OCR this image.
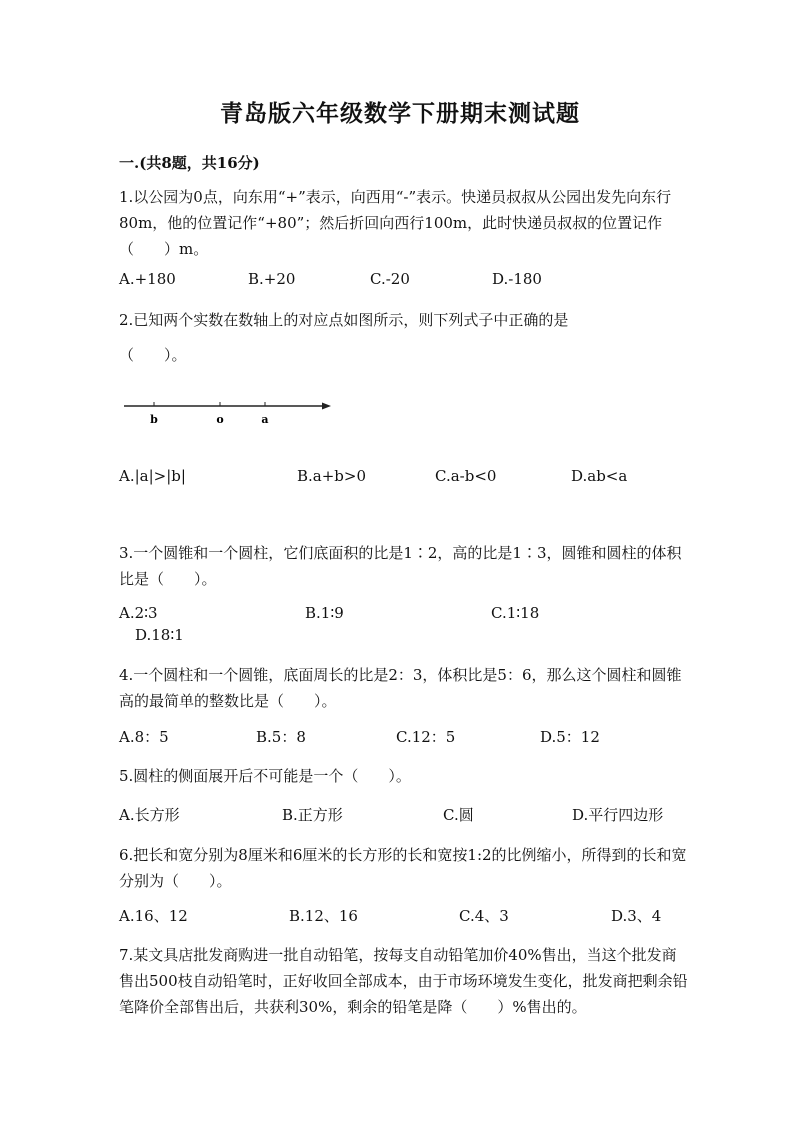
青岛版六年级数学下册期末测试题
一.(共8题，共16分)
1.以公园为0点，向东用“+”表示，向西用“-”表示。快递员叔叔从公园出发先向东行80m，他的位置记作“+80”；然后折回向西行100m，此时快递员叔叔的位置记作（　　）m。
A.+180	B.+20	C.-20	D.-180
2.已知两个实数在数轴上的对应点如图所示，则下列式子中正确的是
（　　）。
b	o	a
A.|a|>|b|	B.a+b>0	C.a-b<0	D.ab<a
3.一个圆锥和一个圆柱，它们底面积的比是1∶2，高的比是1∶3，圆锥和圆柱的体积比是（　　）。
A.2∶3	B.1∶9	C.1∶18
D.18∶1
4.一个圆柱和一个圆锥，底面周长的比是2：3，体积比是5：6，那么这个圆柱和圆锥高的最简单的整数比是（　　）。
A.8：5	B.5：8	C.12：5	D.5：12
5.圆柱的侧面展开后不可能是一个（　　）。
A.长方形	B.正方形	C.圆	D.平行四边形
6.把长和宽分别为8厘米和6厘米的长方形的长和宽按1:2的比例缩小，所得到的长和宽分别为（　　）。
A.16、12	B.12、16	C.4、3	D.3、4
7.某文具店批发商购进一批自动铅笔，按每支自动铅笔加价40%售出，当这个批发商售出500枝自动铅笔时，正好收回全部成本，由于市场环境发生变化，批发商把剩余铅笔降价全部售出后，共获利30%，剩余的铅笔是降（　　）%售出的。
